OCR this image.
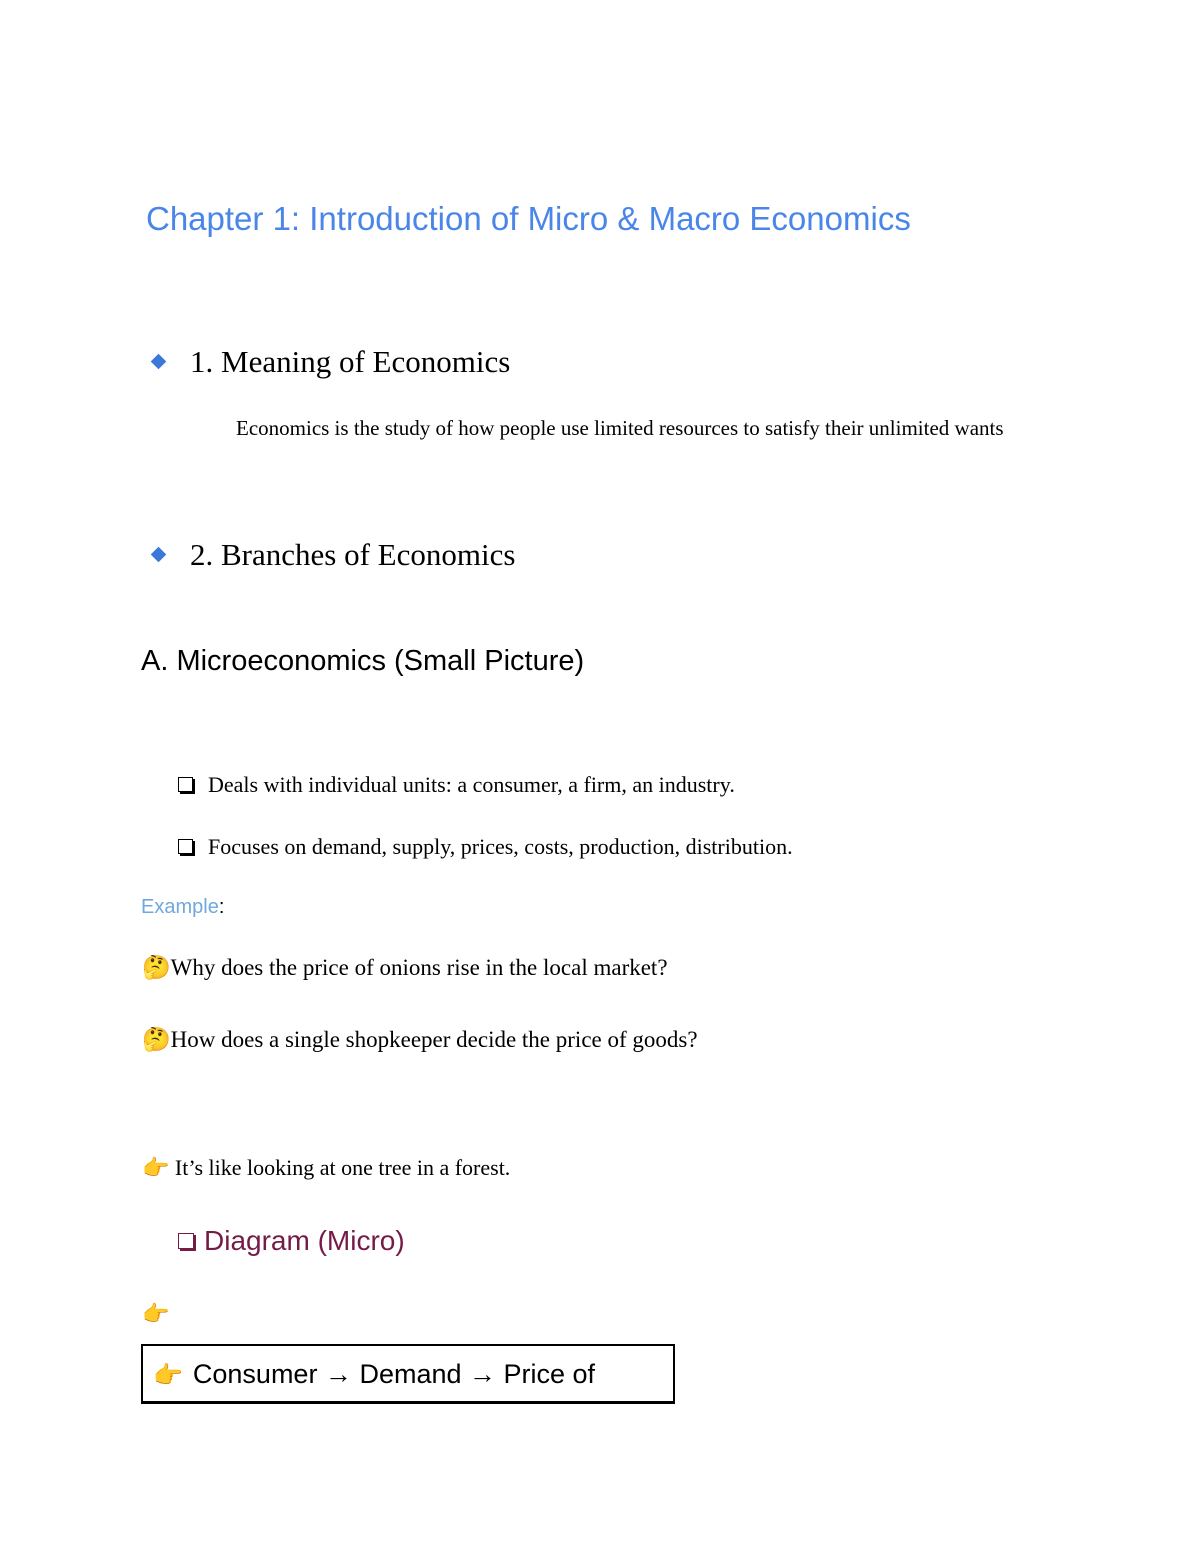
Chapter 1: Introduction of Micro & Macro Economics
1. Meaning of Economics
Economics is the study of how people use limited resources to satisfy their unlimited wants
2. Branches of Economics
A. Microeconomics (Small Picture)
Deals with individual units: a consumer, a firm, an industry.
Focuses on demand, supply, prices, costs, production, distribution.
Example:
🤔Why does the price of onions rise in the local market?
🤔How does a single shopkeeper decide the price of goods?
👉 It’s like looking at one tree in a forest.
Diagram (Micro)
👉
👉 Consumer → Demand → Price of
